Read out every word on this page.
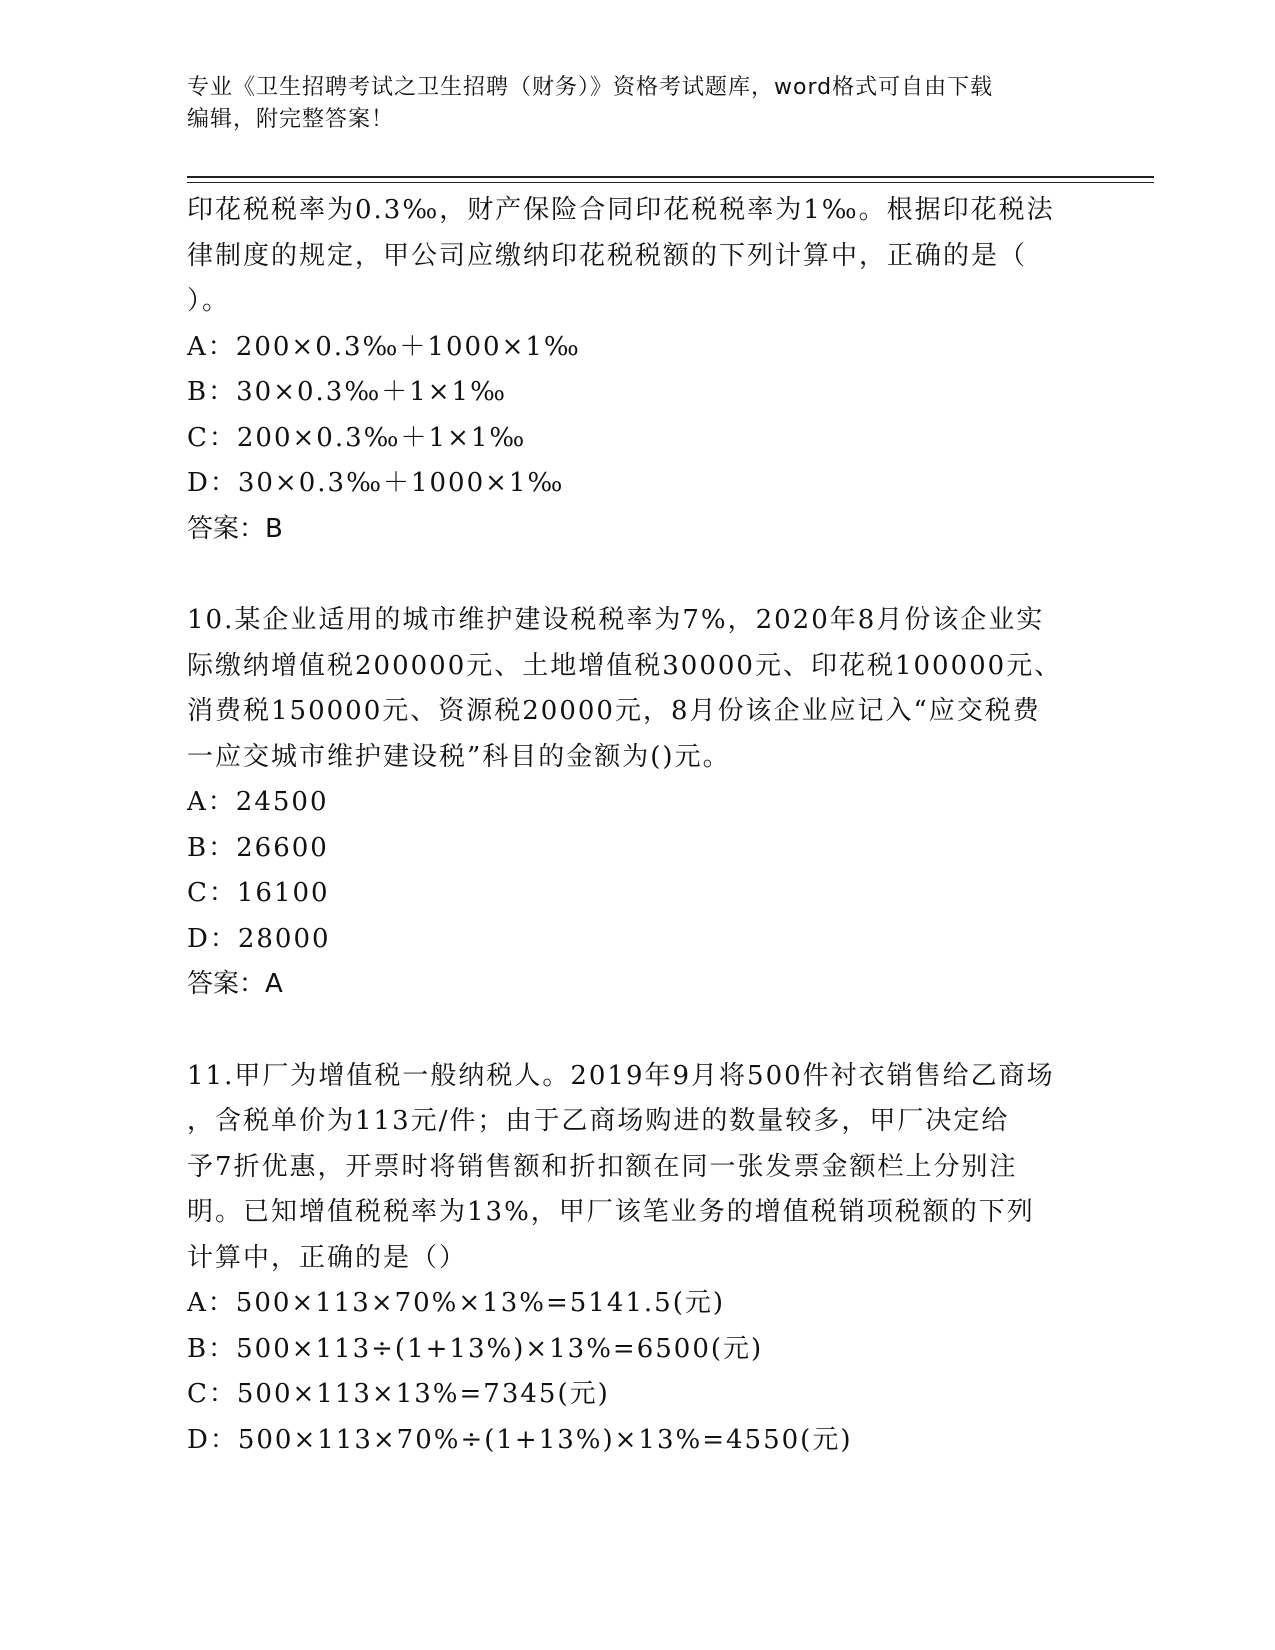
专业《卫生招聘考试之卫生招聘（财务）》资格考试题库，word格式可自由下载
编辑，附完整答案！
印花税税率为0.3‰，财产保险合同印花税税率为1‰。根据印花税法
律制度的规定，甲公司应缴纳印花税税额的下列计算中，正确的是（
）。
A：200×0.3‰＋1000×1‰
B：30×0.3‰＋1×1‰
C：200×0.3‰＋1×1‰
D：30×0.3‰＋1000×1‰
答案：B
10.某企业适用的城市维护建设税税率为7%，2020年8月份该企业实
际缴纳增值税200000元、土地增值税30000元、印花税100000元、
消费税150000元、资源税20000元，8月份该企业应记入“应交税费
一应交城市维护建设税”科目的金额为()元。
A：24500
B：26600
C：16100
D：28000
答案：A
11.甲厂为增值税一般纳税人。2019年9月将500件衬衣销售给乙商场
，含税单价为113元/件；由于乙商场购进的数量较多，甲厂决定给
予7折优惠，开票时将销售额和折扣额在同一张发票金额栏上分别注
明。已知增值税税率为13%，甲厂该笔业务的增值税销项税额的下列
计算中，正确的是（）
A：500×113×70%×13%=5141.5(元)
B：500×113÷(1+13%)×13%=6500(元)
C：500×113×13%=7345(元)
D：500×113×70%÷(1+13%)×13%=4550(元)
